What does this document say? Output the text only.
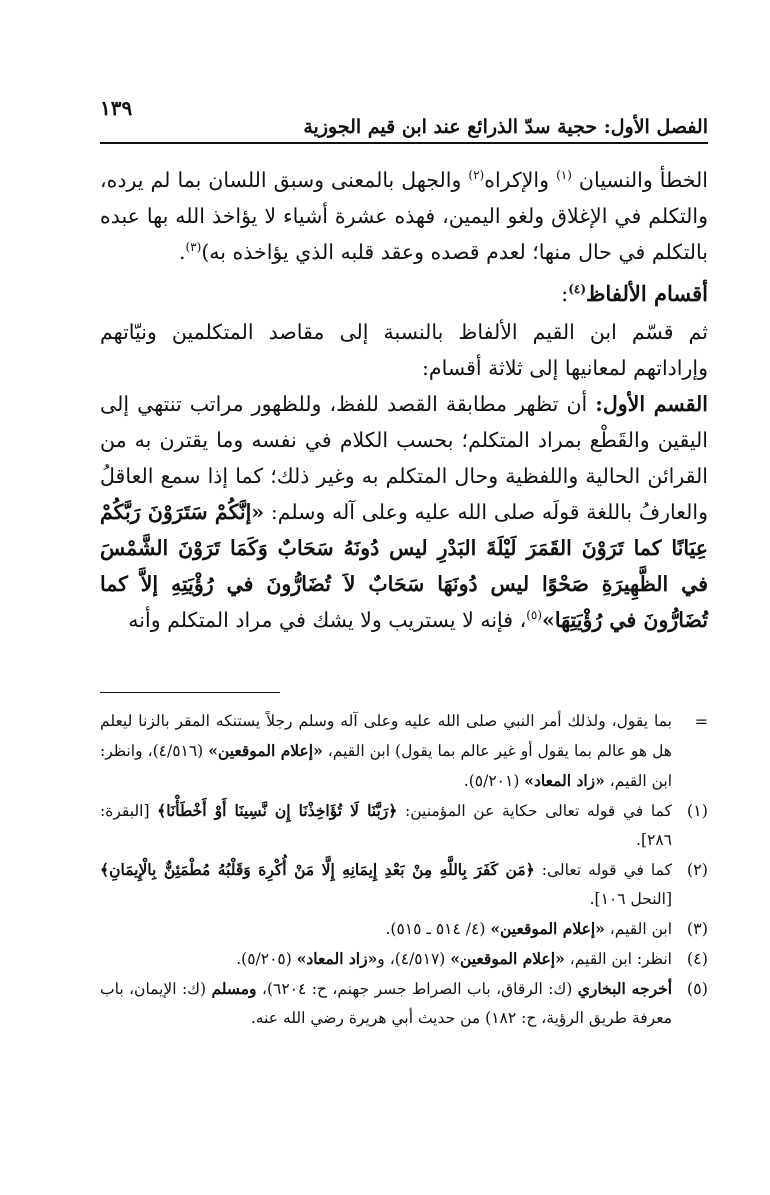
الفصل الأول: حجية سدّ الذرائع عند ابن قيم الجوزية
١٣٩

الخطأ والنسيان $^{(١)}$ والإكراه$^{(٢)}$ والجهل بالمعنى وسبق اللسان بما لم يرده، والتكلم في الإغلاق ولغو اليمين، فهذه عشرة أشياء لا يؤاخذ الله بها عبده بالتكلم في حال منها؛ لعدم قصده وعقد قلبه الذي يؤاخذه به)$^{(٣)}$.

أقسام الألفاظ$^{(٤)}$:

ثم قسّم ابن القيم الألفاظ بالنسبة إلى مقاصد المتكلمين ونيّاتهم وإراداتهم لمعانيها إلى ثلاثة أقسام:

القسم الأول: أن تظهر مطابقة القصد للفظ، وللظهور مراتب تنتهي إلى اليقين والقَطْع بمراد المتكلم؛ بحسب الكلام في نفسه وما يقترن به من القرائن الحالية واللفظية وحال المتكلم به وغير ذلك؛ كما إذا سمع العاقلُ والعارفُ باللغة قولَه صلى الله عليه وعلى آله وسلم: «إنَّكُمْ سَتَرَوْنَ رَبَّكُمْ عِيَانًا كما تَرَوْنَ القَمَرَ لَيْلَةَ البَدْرِ ليس دُونَهُ سَحَابٌ وَكَمَا تَرَوْنَ الشَّمْسَ في الظَّهِيرَةِ صَحْوًا ليس دُونَهَا سَحَابٌ لاَ تُضَارُّونَ في رُؤْيَتِهِ إلاَّ كما تُضَارُّونَ في رُؤْيَتِهَا»$^{(٥)}$، فإنه لا يستريب ولا يشك في مراد المتكلم وأنه

=
بما يقول، ولذلك أمر النبي صلى الله عليه وعلى آله وسلم رجلاً يستنكه المقر بالزنا ليعلم هل هو عالم بما يقول أو غير عالم بما يقول) ابن القيم، «إعلام الموقعين» (٤/٥١٦)، وانظر: ابن القيم، «زاد المعاد» (٥/٢٠١).
(١)
كما في قوله تعالى حكاية عن المؤمنين: ﴿رَبَّنَا لَا تُؤَاخِذْنَا إِن نَّسِينَا أَوْ أَخْطَأْنَا﴾ [البقرة: ٢٨٦].
(٢)
كما في قوله تعالى: ﴿مَن كَفَرَ بِاللَّهِ مِنْ بَعْدِ إِيمَانِهِ إِلَّا مَنْ أُكْرِهَ وَقَلْبُهُ مُطْمَئِنٌّ بِالْإِيمَانِ﴾ [النحل ١٠٦].
(٣)
ابن القيم، «إعلام الموقعين» (٤/ ٥١٤ ـ ٥١٥).
(٤)
انظر: ابن القيم، «إعلام الموقعين» (٤/٥١٧)، و«زاد المعاد» (٥/٢٠٥).
(٥)
أخرجه البخاري (ك: الرقاق، باب الصراط جسر جهنم، ح: ٦٢٠٤)، ومسلم (ك: الإيمان، باب معرفة طريق الرؤية، ح: ١٨٢) من حديث أبي هريرة رضي الله عنه.
